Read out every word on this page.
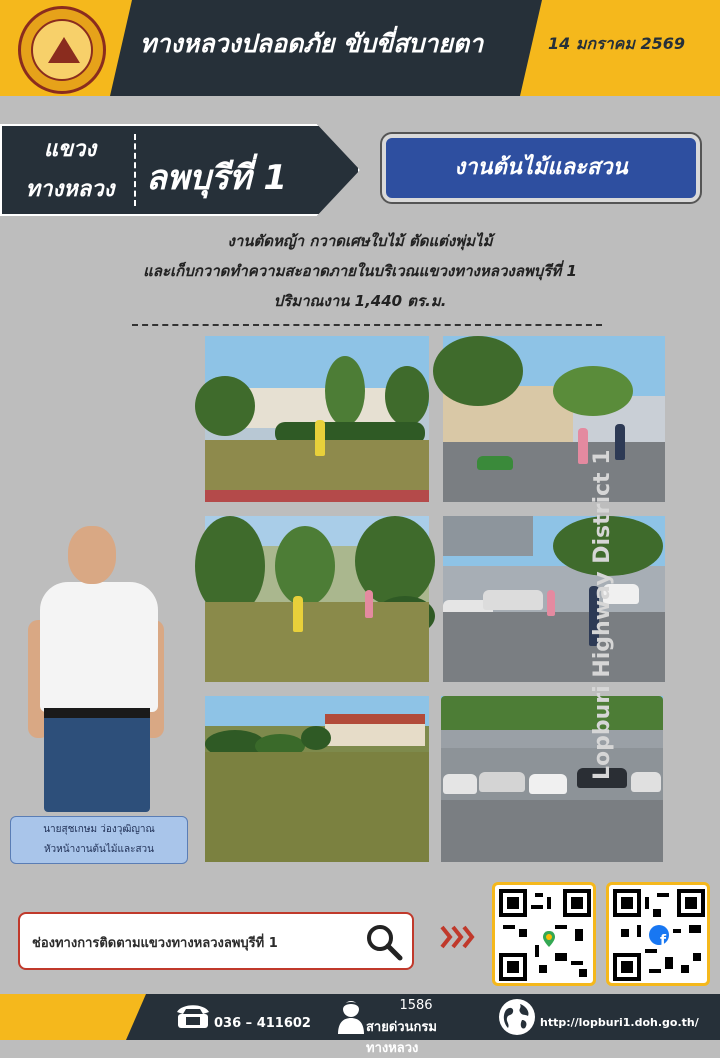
ทางหลวงปลอดภัย ขับขี่สบายตา	14 มกราคม 2569
แขวง
ทางหลวง ลพบุรีที่ 1	งานต้นไม้และสวน
งานตัดหญ้า กวาดเศษใบไม้ ตัดแต่งพุ่มไม้
และเก็บกวาดทำความสะอาดภายในบริเวณแขวงทางหลวงลพบุรีที่ 1
ปริมาณงาน 1,440 ตร.ม.
นายสุชเกษม ว่องวุฒิญาณ
หัวหน้างานต้นไม้และสวน
Lopburi Highway District 1
ช่องทางการติดตามแขวงทางหลวงลพบุรีที่ 1	f
036 – 411602
1586
สายด่วนกรมทางหลวง
http://lopburi1.doh.go.th/
